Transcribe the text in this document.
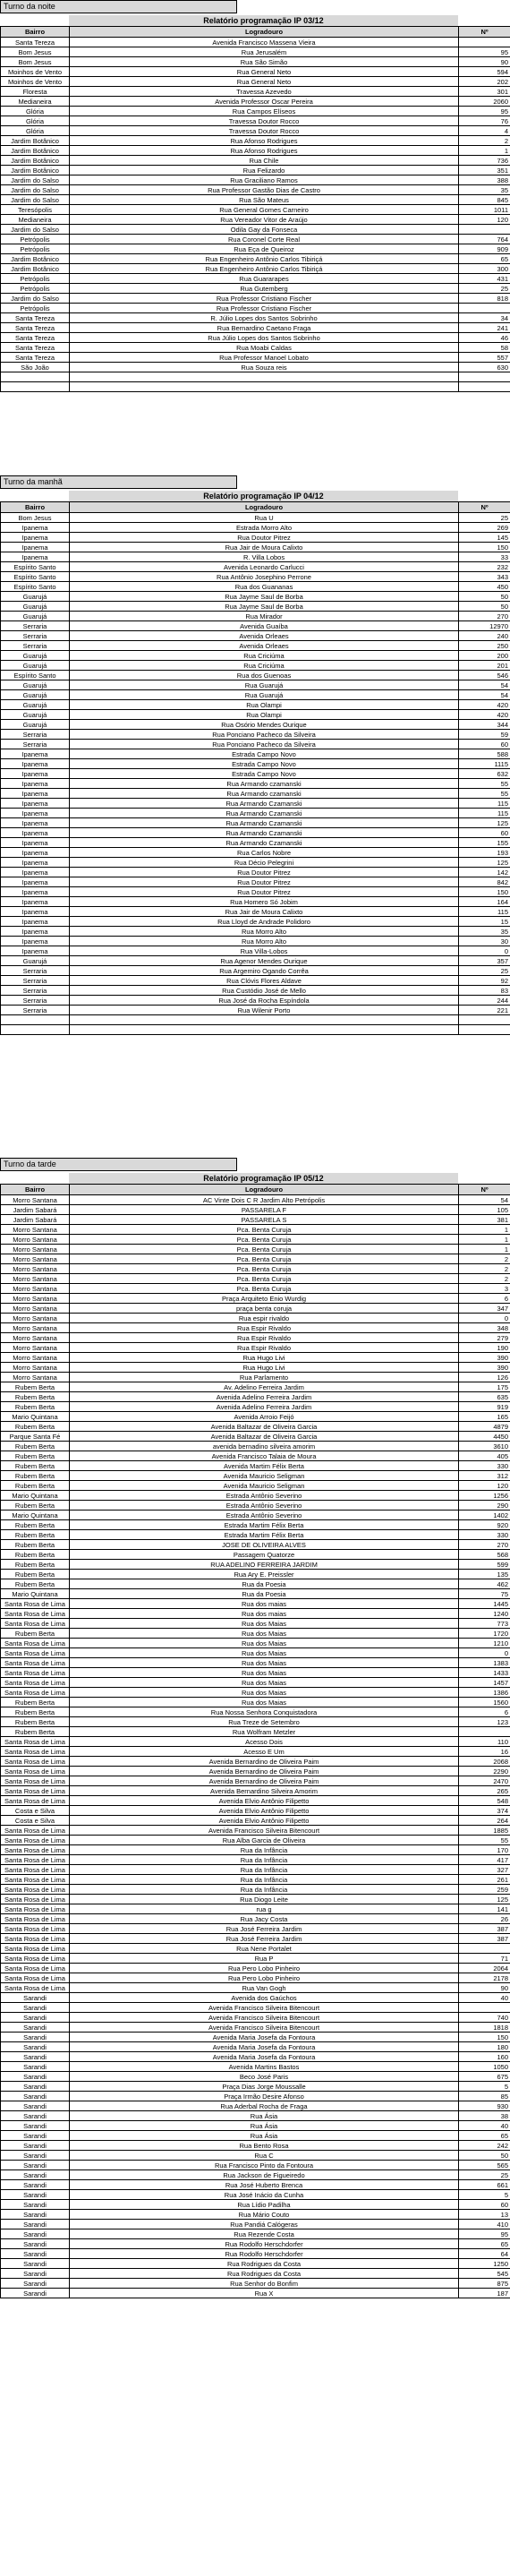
Turno da noite
Relatório programação IP 03/12
Bairro	Logradouro	Nº
Santa Tereza	Avenida Francisco Massena Vieira	
Bom Jesus	Rua Jerusalém	95
Bom Jesus	Rua São Simão	90
Moinhos de Vento	Rua General Neto	594
Moinhos de Vento	Rua General Neto	202
Floresta	Travessa Azevedo	301
Medianeira	Avenida Professor Oscar Pereira	2060
Glória	Rua Campos Elíseos	95
Glória	Travessa Doutor Rocco	76
Glória	Travessa Doutor Rocco	4
Jardim Botânico	Rua Afonso Rodrigues	2
Jardim Botânico	Rua Afonso Rodrigues	1
Jardim Botânico	Rua Chile	736
Jardim Botânico	Rua Felizardo	351
Jardim do Salso	Rua Graciliano Ramos	388
Jardim do Salso	Rua Professor Gastão Dias de Castro	35
Jardim do Salso	Rua São Mateus	845
Teresópolis	Rua General Gomes Carneiro	1011
Medianeira	Rua Vereador Vitor de Araújo	120
Jardim do Salso	Odila Gay da Fonseca	
Petrópolis	Rua Coronel Corte Real	764
Petrópolis	Rua Eça de Queiroz	909
Jardim Botânico	Rua Engenheiro Antônio Carlos Tibiriçá	65
Jardim Botânico	Rua Engenheiro Antônio Carlos Tibiriçá	300
Petrópolis	Rua Guararapes	431
Petrópolis	Rua Gutemberg	25
Jardim do Salso	Rua Professor Cristiano Fischer	818
Petrópolis	Rua Professor Cristiano Fischer	
Santa Tereza	R. Júlio Lopes dos Santos Sobrinho	34
Santa Tereza	Rua Bernardino Caetano Fraga	241
Santa Tereza	Rua Júlio Lopes dos Santos Sobrinho	46
Santa Tereza	Rua Moabi Caldas	58
Santa Tereza	Rua Professor Manoel Lobato	557
São João	Rua Souza reis	630

Turno da manhã
Relatório programação IP 04/12
Bairro	Logradouro	Nº
Bom Jesus	Rua U	25
Ipanema	Estrada Morro Alto	269
Ipanema	Rua Doutor Pitrez	145
Ipanema	Rua Jair de Moura Calixto	150
Ipanema	R. Villa Lobos	33
Espírito Santo	Avenida Leonardo Carlucci	232
Espírito Santo	Rua Antônio Josephino Perrone	343
Espírito Santo	Rua dos Guananas	450
Guarujá	Rua Jayme Saul de Borba	50
Guarujá	Rua Jayme Saul de Borba	50
Guarujá	Rua Mirador	270
Serraria	Avenida Guaíba	12970
Serraria	Avenida Orleaes	240
Serraria	Avenida Orleaes	250
Guarujá	Rua Criciúma	200
Guarujá	Rua Criciúma	201
Espírito Santo	Rua dos Guenoas	546
Guarujá	Rua Guarujá	54
Guarujá	Rua Guarujá	54
Guarujá	Rua Olampi	420
Guarujá	Rua Olampi	420
Guarujá	Rua Osório Mendes Ourique	344
Serraria	Rua Ponciano Pacheco da Silveira	59
Serraria	Rua Ponciano Pacheco da Silveira	60
Ipanema	Estrada Campo Novo	588
Ipanema	Estrada Campo Novo	1115
Ipanema	Estrada Campo Novo	632
Ipanema	Rua Armando czamanski	55
Ipanema	Rua Armando czamanski	55
Ipanema	Rua Armando Czamanski	115
Ipanema	Rua Armando Czamanski	115
Ipanema	Rua Armando Czamanski	125
Ipanema	Rua Armando Czamanski	60
Ipanema	Rua Armando Czamanski	155
Ipanema	Rua Carlos Nobre	193
Ipanema	Rua Décio Pelegrini	125
Ipanema	Rua Doutor Pitrez	142
Ipanema	Rua Doutor Pitrez	842
Ipanema	Rua Doutor Pitrez	150
Ipanema	Rua Homero Só Jobim	164
Ipanema	Rua Jair de Moura Calixto	115
Ipanema	Rua Lloyd de Andrade Polidoro	15
Ipanema	Rua Morro Alto	35
Ipanema	Rua Morro Alto	30
Ipanema	Rua Villa-Lobos	0
Guarujá	Rua Agenor Mendes Ourique	357
Serraria	Rua Argemiro Ogando Corrêa	25
Serraria	Rua Clóvis Flores Aldave	92
Serraria	Rua Custódio José de Mello	83
Serraria	Rua José da Rocha Espíndola	244
Serraria	Rua Wilenir Porto	221

Turno da tarde
Relatório programação IP 05/12
Bairro	Logradouro	Nº
Morro Santana	AC Vinte Dois C R Jardim Alto Petrópolis	54
Jardim Sabará	PASSARELA F	105
Jardim Sabará	PASSARELA S	381
Morro Santana	Pca. Benta Curuja	1
Morro Santana	Pca. Benta Curuja	1
Morro Santana	Pca. Benta Curuja	1
Morro Santana	Pca. Benta Curuja	2
Morro Santana	Pca. Benta Curuja	2
Morro Santana	Pca. Benta Curuja	2
Morro Santana	Pca. Benta Curuja	3
Morro Santana	Praça Arquiteto Enio Wurdig	6
Morro Santana	praça benta coruja	347
Morro Santana	Rua espir rivaldo	0
Morro Santana	Rua Espir Rivaldo	348
Morro Santana	Rua Espir Rivaldo	279
Morro Santana	Rua Espir Rivaldo	190
Morro Santana	Rua Hugo Livi	390
Morro Santana	Rua Hugo Livi	390
Morro Santana	Rua Parlamento	126
Rubem Berta	Av. Adelino Ferreira Jardim	175
Rubem Berta	Avenida Adelino Ferreira Jardim	635
Rubem Berta	Avenida Adelino Ferreira Jardim	919
Mario Quintana	Avenida Arroio Feijó	165
Rubem Berta	Avenida Baltazar de Oliveira Garcia	4879
Parque Santa Fé	Avenida Baltazar de Oliveira Garcia	4450
Rubem Berta	avenida bernadino silveira amorim	3610
Rubem Berta	Avenida Francisco Talaia de Moura	405
Rubem Berta	Avenida Martim Félix Berta	330
Rubem Berta	Avenida Mauricio Seligman	312
Rubem Berta	Avenida Mauricio Seligman	120
Mario Quintana	Estrada Antônio Severino	1256
Rubem Berta	Estrada Antônio Severino	290
Mario Quintana	Estrada Antônio Severino	1402
Rubem Berta	Estrada Martim Félix Berta	920
Rubem Berta	Estrada Martim Félix Berta	330
Rubem Berta	JOSE DE OLIVEIRA ALVES	270
Rubem Berta	Passagem Quatorze	568
Rubem Berta	RUA ADELINO FERREIRA JARDIM	599
Rubem Berta	Rua Ary E. Preissler	135
Rubem Berta	Rua da Poesia	462
Mario Quintana	Rua da Poesia	75
Santa Rosa de Lima	Rua dos maias	1445
Santa Rosa de Lima	Rua dos maias	1240
Santa Rosa de Lima	Rua dos Maias	773
Rubem Berta	Rua dos Maias	1720
Santa Rosa de Lima	Rua dos Maias	1210
Santa Rosa de Lima	Rua dos Maias	0
Santa Rosa de Lima	Rua dos Maias	1383
Santa Rosa de Lima	Rua dos Maias	1433
Santa Rosa de Lima	Rua dos Maias	1457
Santa Rosa de Lima	Rua dos Maias	1386
Rubem Berta	Rua dos Maias	1560
Rubem Berta	Rua Nossa Senhora Conquistadora	6
Rubem Berta	Rua Treze de Setembro	123
Rubem Berta	Rua Wolfram Metzler	
Santa Rosa de Lima	Acesso Dois	110
Santa Rosa de Lima	Acesso E Um	16
Santa Rosa de Lima	Avenida Bernardino de Oliveira Paim	2068
Santa Rosa de Lima	Avenida Bernardino de Oliveira Paim	2290
Santa Rosa de Lima	Avenida Bernardino de Oliveira Paim	2470
Santa Rosa de Lima	Avenida Bernardino Silveira Amorim	265
Santa Rosa de Lima	Avenida Elvio Antônio Filipetto	548
Costa e Silva	Avenida Elvio Antônio Filipetto	374
Costa e Silva	Avenida Elvio Antônio Filipetto	264
Santa Rosa de Lima	Avenida Francisco Silveira Bitencourt	1885
Santa Rosa de Lima	Rua Alba Garcia de Oliveira	55
Santa Rosa de Lima	Rua da Infância	170
Santa Rosa de Lima	Rua da Infância	417
Santa Rosa de Lima	Rua da Infância	327
Santa Rosa de Lima	Rua da Infância	261
Santa Rosa de Lima	Rua da Infância	259
Santa Rosa de Lima	Rua Diogo Leite	125
Santa Rosa de Lima	rua g	141
Santa Rosa de Lima	Rua Jacy Costa	26
Santa Rosa de Lima	Rua José Ferreira Jardim	387
Santa Rosa de Lima	Rua José Ferreira Jardim	387
Santa Rosa de Lima	Rua Nene Portalet	
Santa Rosa de Lima	Rua P	71
Santa Rosa de Lima	Rua Pero Lobo Pinheiro	2064
Santa Rosa de Lima	Rua Pero Lobo Pinheiro	2178
Santa Rosa de Lima	Rua Van Gogh	90
Sarandi	Avenida dos Gaúchos	40
Sarandi	Avenida Francisco Silveira Bitencourt	
Sarandi	Avenida Francisco Silveira Bitencourt	740
Sarandi	Avenida Francisco Silveira Bitencourt	1818
Sarandi	Avenida Maria Josefa da Fontoura	150
Sarandi	Avenida Maria Josefa da Fontoura	180
Sarandi	Avenida Maria Josefa da Fontoura	160
Sarandi	Avenida Martins Bastos	1050
Sarandi	Beco José Paris	675
Sarandi	Praça Dias Jorge Moussalle	5
Sarandi	Praça Irmão Desire Afonso	85
Sarandi	Rua Aderbal Rocha de Fraga	930
Sarandi	Rua Ásia	38
Sarandi	Rua Ásia	40
Sarandi	Rua Ásia	65
Sarandi	Rua Bento Rosa	242
Sarandi	Rua C	50
Sarandi	Rua Francisco Pinto da Fontoura	565
Sarandi	Rua Jackson de Figueiredo	25
Sarandi	Rua José Huberto Brenca	661
Sarandi	Rua José Inácio da Cunha	5
Sarandi	Rua Lídio Padilha	60
Sarandi	Rua Mário Couto	13
Sarandi	Rua Pandiá Calógeras	410
Sarandi	Rua Rezende Costa	95
Sarandi	Rua Rodolfo Herschdorfer	65
Sarandi	Rua Rodolfo Herschdorfer	64
Sarandi	Rua Rodrigues da Costa	1250
Sarandi	Rua Rodrigues da Costa	545
Sarandi	Rua Senhor do Bonfim	875
Sarandi	Rua X	187
